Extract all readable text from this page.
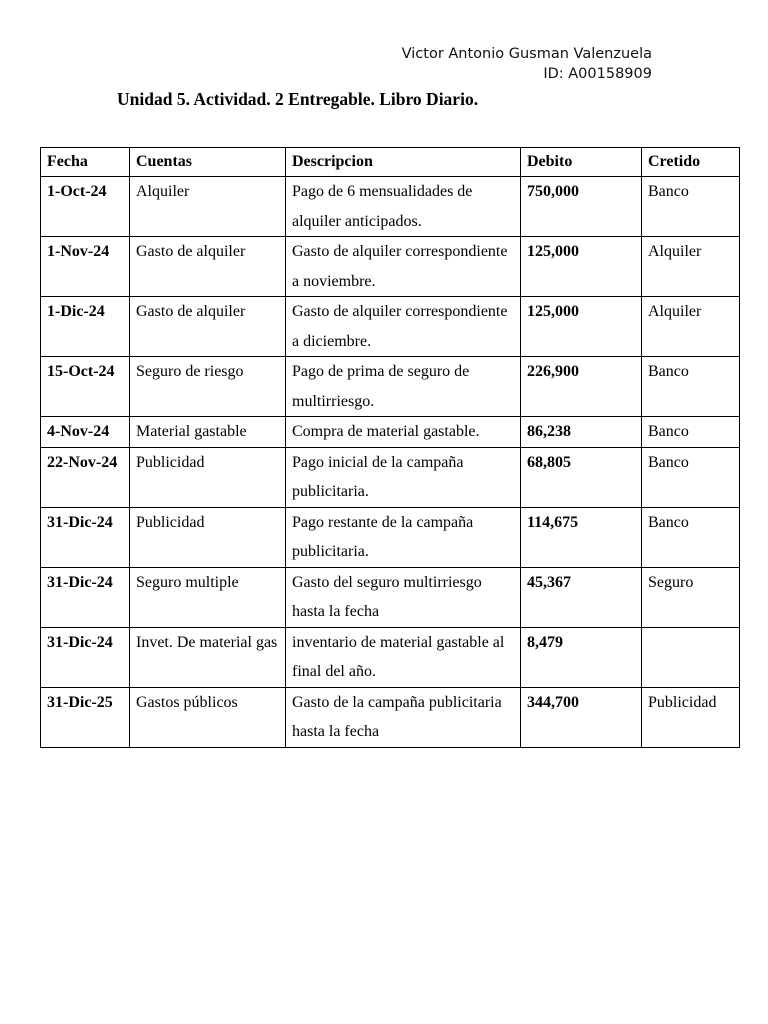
Victor Antonio Gusman Valenzuela
ID: A00158909
Unidad 5. Actividad. 2 Entregable. Libro Diario.
Fecha	Cuentas	Descripcion	Debito	Cretido
1-Oct-24	Alquiler	Pago de 6 mensualidades de alquiler anticipados.	750,000	Banco
1-Nov-24	Gasto de alquiler	Gasto de alquiler correspondiente a noviembre.	125,000	Alquiler
1-Dic-24	Gasto de alquiler	Gasto de alquiler correspondiente a diciembre.	125,000	Alquiler
15-Oct-24	Seguro de riesgo	Pago de prima de seguro de multirriesgo.	226,900	Banco
4-Nov-24	Material gastable	Compra de material gastable.	86,238	Banco
22-Nov-24	Publicidad	Pago inicial de la campaña publicitaria.	68,805	Banco
31-Dic-24	Publicidad	Pago restante de la campaña publicitaria.	114,675	Banco
31-Dic-24	Seguro multiple	Gasto del seguro multirriesgo hasta la fecha	45,367	Seguro
31-Dic-24	Invet. De material gas	inventario de material gastable al final del año.	8,479	
31-Dic-25	Gastos públicos	Gasto de la campaña publicitaria hasta la fecha	344,700	Publicidad
